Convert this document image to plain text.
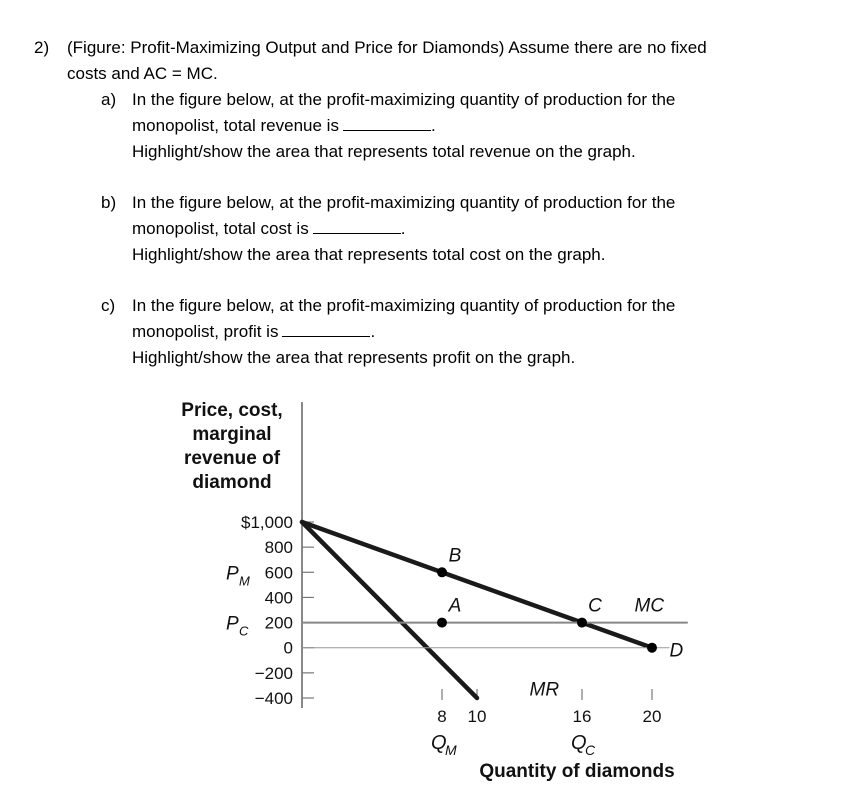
2) (Figure: Profit-Maximizing Output and Price for Diamonds) Assume there are no fixed
costs and AC = MC.
a) In the figure below, at the profit-maximizing quantity of production for the
monopolist, total revenue is	.
Highlight/show the area that represents total revenue on the graph.
b) In the figure below, at the profit-maximizing quantity of production for the
monopolist, total cost is	.
Highlight/show the area that represents total cost on the graph.
c) In the figure below, at the profit-maximizing quantity of production for the
monopolist, profit is	.
Highlight/show the area that represents profit on the graph.
Price, cost,
marginal
revenue of
diamond
$1,000
800
600
P M
400
200
P C
0
−200
−400
8 10	16	20
Q
M	Q
C
Quantity of diamonds
B
A	C MC
D
MR
